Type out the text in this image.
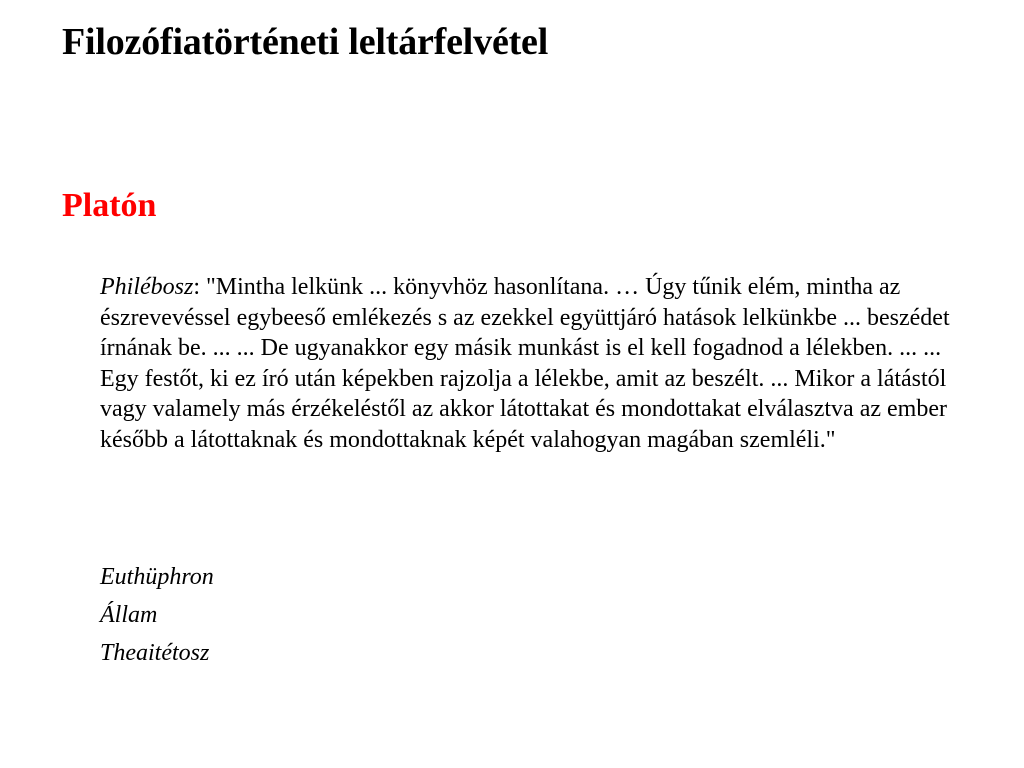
Filozófiatörténeti leltárfelvétel
Platón

Philébosz: "Mintha lelkünk ... könyvhöz hasonlítana. … Úgy tűnik elém, mintha az észrevevéssel egybeeső emlékezés s az ezekkel együttjáró hatások lelkünkbe ... beszédet írnának be. ... ... De ugyanakkor egy másik munkást is el kell fogadnod a lélekben. ... ... Egy festőt, ki ez író után képekben rajzolja a lélekbe, amit az beszélt. ... Mikor a látástól vagy valamely más érzékeléstől az akkor látottakat és mondottakat elválasztva az ember később a látottaknak és mondottaknak képét valahogyan magában szemléli."

Euthüphron
Állam
Theaitétosz
